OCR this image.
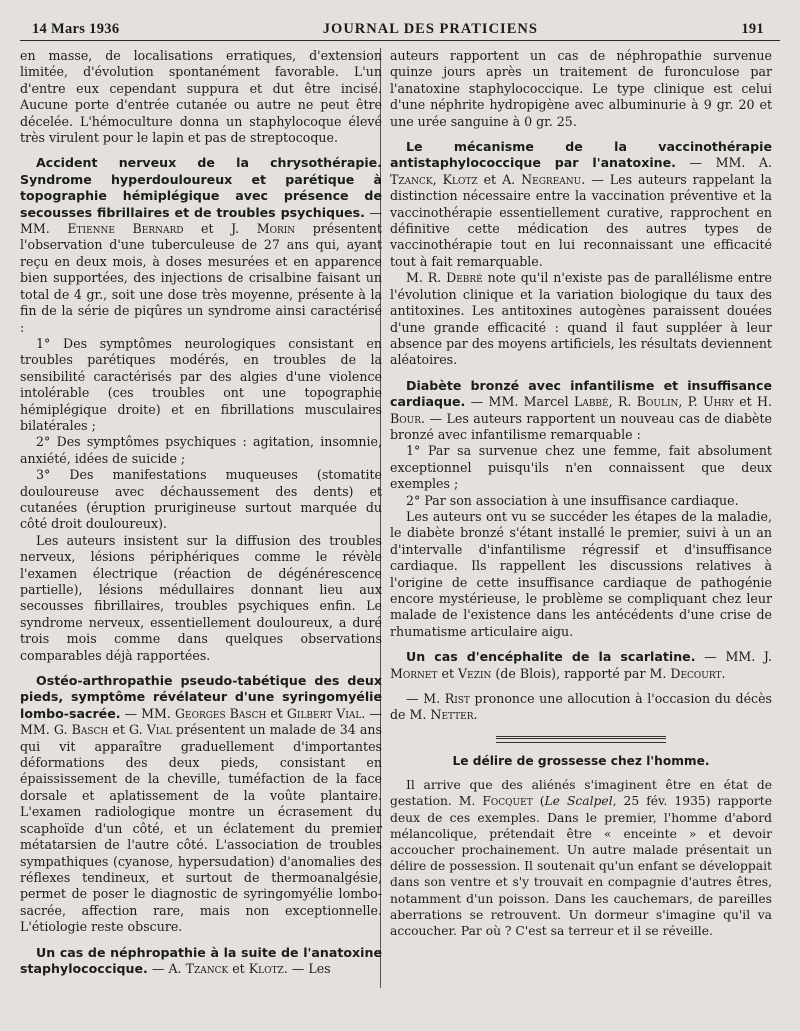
14 Mars 1936	JOURNAL DES PRATICIENS	191

en masse, de localisations erratiques, d'extension limitée, d'évolution spontanément favorable. L'un d'entre eux cependant suppura et dut être incisé. Aucune porte d'entrée cutanée ou autre ne peut être décelée. L'hémoculture donna un staphylocoque élevé très virulent pour le lapin et pas de streptocoque.

Accident nerveux de la chrysothérapie. Syndrome hyperdouloureux et parétique à topographie hémiplégique avec présence de secousses fibrillaires et de troubles psychiques. — MM. Etienne Bernard et J. Morin présentent l'observation d'une tuberculeuse de 27 ans qui, ayant reçu en deux mois, à doses mesurées et en apparence bien supportées, des injections de crisalbine faisant un total de 4 gr., soit une dose très moyenne, présente à la fin de la série de piqûres un syndrome ainsi caractérisé :

1° Des symptômes neurologiques consistant en troubles parétiques modérés, en troubles de la sensibilité caractérisés par des algies d'une violence intolérable (ces troubles ont une topographie hémiplégique droite) et en fibrillations musculaires bilatérales ;

2° Des symptômes psychiques : agitation, insomnie, anxiété, idées de suicide ;

3° Des manifestations muqueuses (stomatite douloureuse avec déchaussement des dents) et cutanées (éruption prurigineuse surtout marquée du côté droit douloureux).

Les auteurs insistent sur la diffusion des troubles nerveux, lésions périphériques comme le révèle l'examen électrique (réaction de dégénérescence partielle), lésions médullaires donnant lieu aux secousses fibrillaires, troubles psychiques enfin. Le syndrome nerveux, essentiellement douloureux, a duré trois mois comme dans quelques observations comparables déjà rapportées.

Ostéo-arthropathie pseudo-tabétique des deux pieds, symptôme révélateur d'une syringomyélie lombo-sacrée. — MM. Georges Basch et Gilbert Vial. — MM. G. Basch et G. Vial présentent un malade de 34 ans qui vit apparaître graduellement d'importantes déformations des deux pieds, consistant en épaississement de la cheville, tuméfaction de la face dorsale et aplatissement de la voûte plantaire. L'examen radiologique montre un écrasement du scaphoïde d'un côté, et un éclatement du premier métatarsien de l'autre côté. L'association de troubles sympathiques (cyanose, hypersudation) d'anomalies des réflexes tendineux, et surtout de thermoanalgésie, permet de poser le diagnostic de syringomyélie lombo-sacrée, affection rare, mais non exceptionnelle. L'étiologie reste obscure.

Un cas de néphropathie à la suite de l'anatoxine staphylococcique. — A. Tzanck et Klotz. — Les

auteurs rapportent un cas de néphropathie survenue quinze jours après un traitement de furonculose par l'anatoxine staphylococcique. Le type clinique est celui d'une néphrite hydropigène avec albuminurie à 9 gr. 20 et une urée sanguine à 0 gr. 25.

Le mécanisme de la vaccinothérapie antistaphylococcique par l'anatoxine. — MM. A. Tzanck, Klotz et A. Negreanu. — Les auteurs rappelant la distinction nécessaire entre la vaccination préventive et la vaccinothérapie essentiellement curative, rapprochent en définitive cette médication des autres types de vaccinothérapie tout en lui reconnaissant une efficacité tout à fait remarquable.

M. R. Debré note qu'il n'existe pas de parallélisme entre l'évolution clinique et la variation biologique du taux des antitoxines. Les antitoxines autogènes paraissent douées d'une grande efficacité : quand il faut suppléer à leur absence par des moyens artificiels, les résultats deviennent aléatoires.

Diabète bronzé avec infantilisme et insuffisance cardiaque. — MM. Marcel Labbé, R. Boulin, P. Uhry et H. Bour. — Les auteurs rapportent un nouveau cas de diabète bronzé avec infantilisme remarquable :

1° Par sa survenue chez une femme, fait absolument exceptionnel puisqu'ils n'en connaissent que deux exemples ;

2° Par son association à une insuffisance cardiaque.

Les auteurs ont vu se succéder les étapes de la maladie, le diabète bronzé s'étant installé le premier, suivi à un an d'intervalle d'infantilisme régressif et d'insuffisance cardiaque. Ils rappellent les discussions relatives à l'origine de cette insuffisance cardiaque de pathogénie encore mystérieuse, le problème se compliquant chez leur malade de l'existence dans les antécédents d'une crise de rhumatisme articulaire aigu.

Un cas d'encéphalite de la scarlatine. — MM. J. Mornet et Vezin (de Blois), rapporté par M. Decourt.

— M. Rist prononce une allocution à l'occasion du décès de M. Netter.

Le délire de grossesse chez l'homme.

Il arrive que des aliénés s'imaginent être en état de gestation. M. Focquet (Le Scalpel, 25 fév. 1935) rapporte deux de ces exemples. Dans le premier, l'homme d'abord mélancolique, prétendait être « enceinte » et devoir accoucher prochainement. Un autre malade présentait un délire de possession. Il soutenait qu'un enfant se développait dans son ventre et s'y trouvait en compagnie d'autres êtres, notamment d'un poisson. Dans les cauchemars, de pareilles aberrations se retrouvent. Un dormeur s'imagine qu'il va accoucher. Par où ? C'est sa terreur et il se réveille.
